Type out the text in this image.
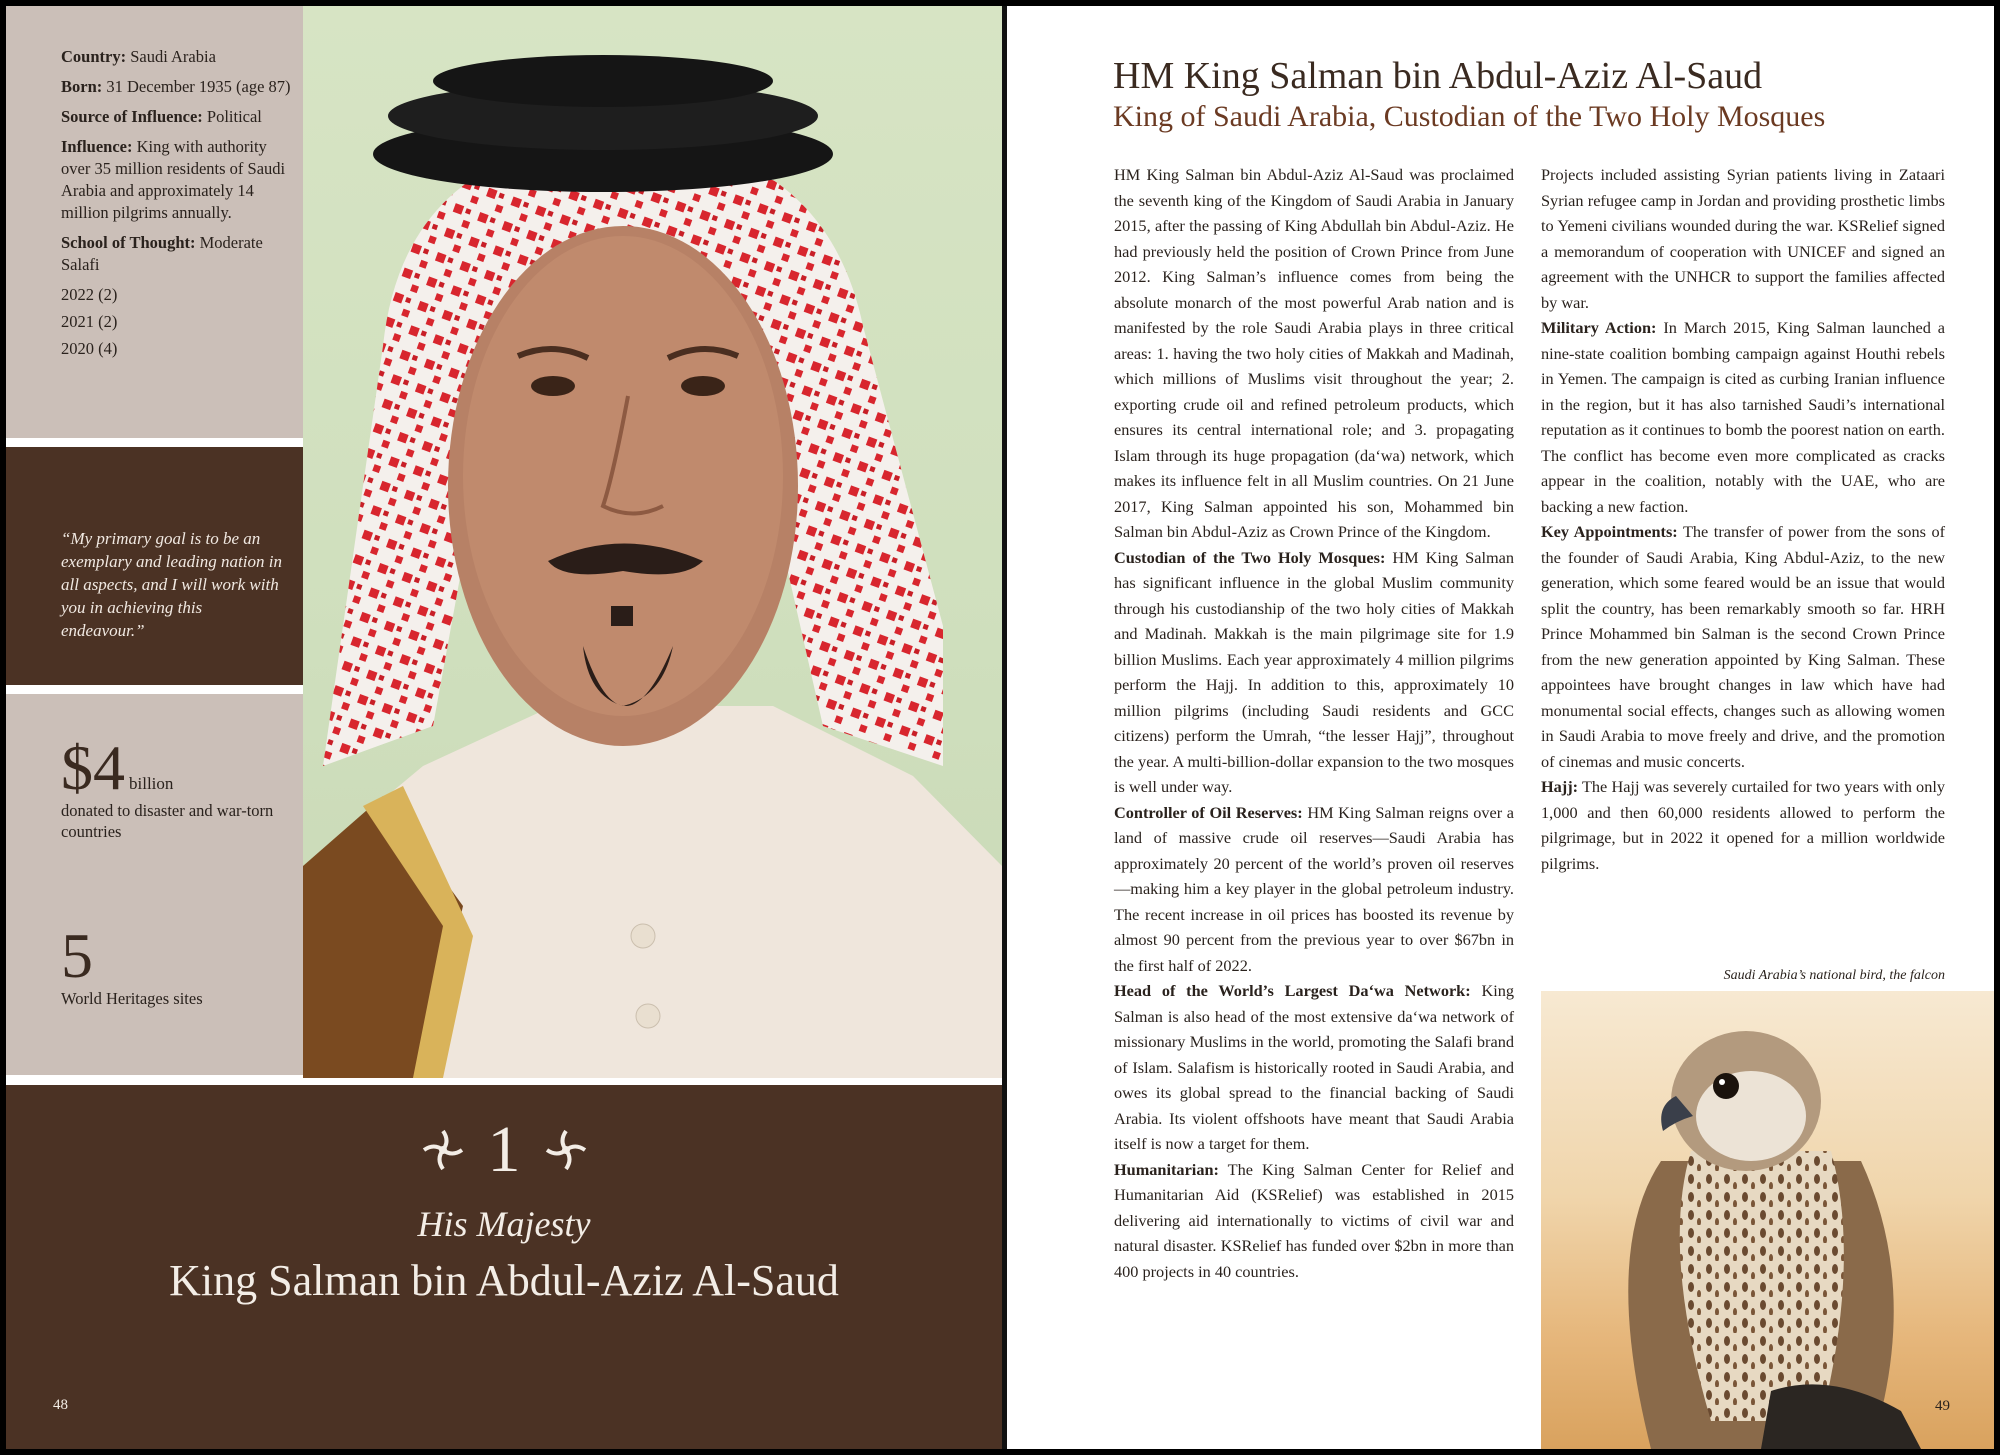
Country: Saudi Arabia

Born: 31 December 1935 (age 87)

Source of Influence: Political

Influence: King with authority over 35 million residents of Saudi Arabia and approximately 14 million pilgrims annually.

School of Thought: Moderate Salafi

2022 (2)

2021 (2)

2020 (4)

“My primary goal is to be an exemplary and leading nation in all aspects, and I will work with you in achieving this endeavour.”

$4 billion
donated to disaster and war-torn countries
5
World Heritages sites
1
His Majesty
King Salman bin Abdul-Aziz Al-Saud
48
HM King Salman bin Abdul-Aziz Al-Saud
King of Saudi Arabia, Custodian of the Two Holy Mosques

HM King Salman bin Abdul-Aziz Al-Saud was proclaimed the seventh king of the Kingdom of Saudi Arabia in January 2015, after the passing of King Abdullah bin Abdul-Aziz. He had previously held the position of Crown Prince from June 2012. King Salman’s influence comes from being the absolute monarch of the most powerful Arab nation and is manifested by the role Saudi Arabia plays in three critical areas: 1. having the two holy cities of Makkah and Madinah, which millions of Muslims visit throughout the year; 2. exporting crude oil and refined petroleum products, which ensures its central international role; and 3. propagating Islam through its huge propagation (da‘wa) network, which makes its influence felt in all Muslim countries. On 21 June 2017, King Salman appointed his son, Mohammed bin Salman bin Abdul-Aziz as Crown Prince of the Kingdom.

Custodian of the Two Holy Mosques: HM King Salman has significant influence in the global Muslim community through his custodianship of the two holy cities of Makkah and Madinah. Makkah is the main pilgrimage site for 1.9 billion Muslims. Each year approximately 4 million pilgrims perform the Hajj. In addition to this, approximately 10 million pilgrims (including Saudi residents and GCC citizens) perform the Umrah, “the lesser Hajj”, throughout the year. A multi-billion-dollar expansion to the two mosques is well under way.

Controller of Oil Reserves: HM King Salman reigns over a land of massive crude oil reserves—Saudi Arabia has approximately 20 percent of the world’s proven oil reserves—making him a key player in the global petroleum industry. The recent increase in oil prices has boosted its revenue by almost 90 percent from the previous year to over $67bn in the first half of 2022.

Head of the World’s Largest Da‘wa Network: King Salman is also head of the most extensive da‘wa network of missionary Muslims in the world, promoting the Salafi brand of Islam. Salafism is historically rooted in Saudi Arabia, and owes its global spread to the financial backing of Saudi Arabia. Its violent offshoots have meant that Saudi Arabia itself is now a target for them.

Humanitarian: The King Salman Center for Relief and Humanitarian Aid (KSRelief) was established in 2015 delivering aid internationally to victims of civil war and natural disaster. KSRelief has funded over $2bn in more than 400 projects in 40 countries.

Projects included assisting Syrian patients living in Zataari Syrian refugee camp in Jordan and providing prosthetic limbs to Yemeni civilians wounded during the war. KSRelief signed a memorandum of cooperation with UNICEF and signed an agreement with the UNHCR to support the families affected by war.

Military Action: In March 2015, King Salman launched a nine-state coalition bombing campaign against Houthi rebels in Yemen. The campaign is cited as curbing Iranian influence in the region, but it has also tarnished Saudi’s international reputation as it continues to bomb the poorest nation on earth. The conflict has become even more complicated as cracks appear in the coalition, notably with the UAE, who are backing a new faction.

Key Appointments: The transfer of power from the sons of the founder of Saudi Arabia, King Abdul-Aziz, to the new generation, which some feared would be an issue that would split the country, has been remarkably smooth so far. HRH Prince Mohammed bin Salman is the second Crown Prince from the new generation appointed by King Salman. These appointees have brought changes in law which have had monumental social effects, changes such as allowing women in Saudi Arabia to move freely and drive, and the promotion of cinemas and music concerts.

Hajj: The Hajj was severely curtailed for two years with only 1,000 and then 60,000 residents allowed to perform the pilgrimage, but in 2022 it opened for a million worldwide pilgrims.

Saudi Arabia’s national bird, the falcon
49
